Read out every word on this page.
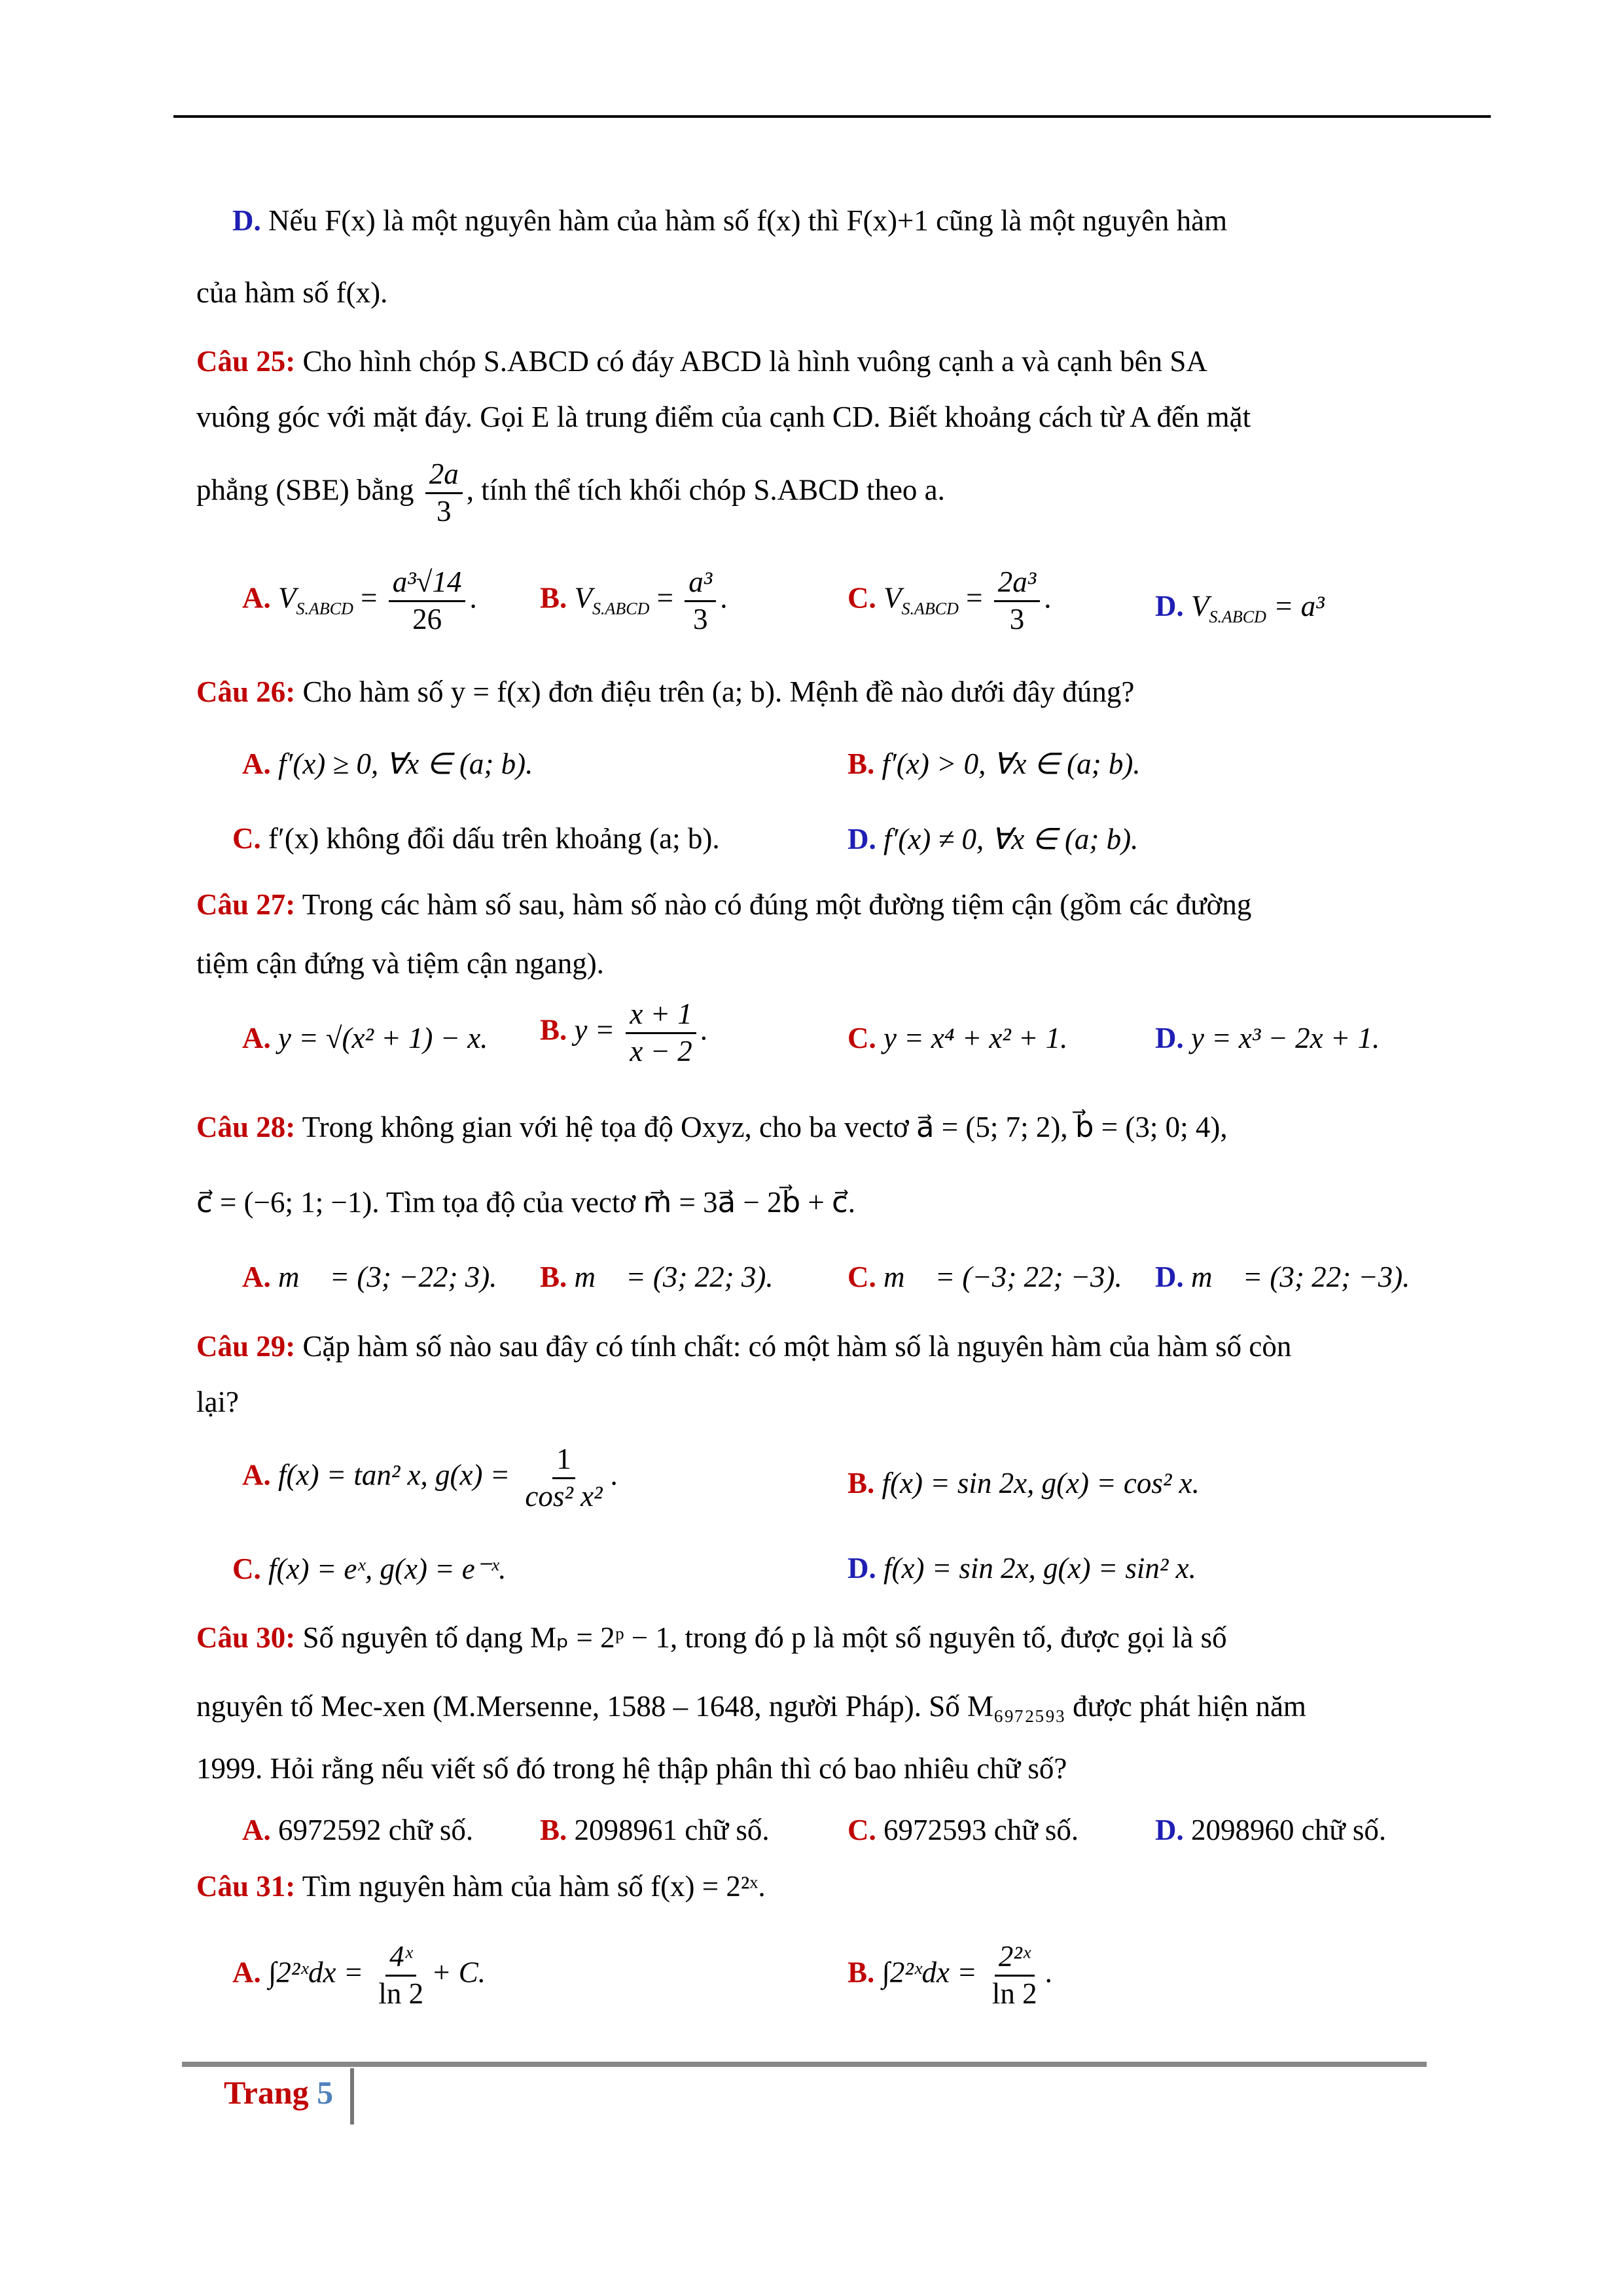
D. Nếu F(x) là một nguyên hàm của hàm số f(x) thì F(x)+1 cũng là một nguyên hàm
của hàm số f(x).
Câu 25: Cho hình chóp S.ABCD có đáy ABCD là hình vuông cạnh a và cạnh bên SA
vuông góc với mặt đáy. Gọi E là trung điểm của cạnh CD. Biết khoảng cách từ A đến mặt
phẳng (SBE) bằng $\frac{2a}{3}$ , tính thể tích khối chóp S.ABCD theo a.
A. $V_{S.ABCD} = \frac{\text{a³√14}}{26}$ . B. $V_{S.ABCD} = \frac{\text{a³}}{3}$ .	C. $V_{S.ABCD} = \frac{\text{2a³}}{3}$ .	D. $V_{S.ABCD} = a^3$
Câu 26: Cho hàm số y = f(x) đơn điệu trên (a; b). Mệnh đề nào dưới đây đúng?
A. f′(x) ≥ 0, ∀x ∈ (a; b).	B. f′(x) > 0, ∀x ∈ (a; b).
C. f′(x) không đổi dấu trên khoảng (a; b).	D. f′(x) ≠ 0, ∀x ∈ (a; b).
Câu 27: Trong các hàm số sau, hàm số nào có đúng một đường tiệm cận (gồm các đường
tiệm cận đứng và tiệm cận ngang).
A. y = √(x² + 1) − x. B. $y = \frac{x + 1}{x - 2}$ .	C. y = x⁴ + x² + 1.	D. y = x³ − 2x + 1.
Câu 28: Trong không gian với hệ tọa độ Oxyz, cho ba vectơ a⃗ = (5; 7; 2), b⃗ = (3; 0; 4),
c⃗ = (−6; 1; −1). Tìm tọa độ của vectơ m⃗ = 3a⃗ − 2b⃗ + c⃗.
A. m⃗ = (3; −22; 3). B. m⃗ = (3; 22; 3).	C. m⃗ = (−3; 22; −3). D. m⃗ = (3; 22; −3).
Câu 29: Cặp hàm số nào sau đây có tính chất: có một hàm số là nguyên hàm của hàm số còn
lại?
A. f(x) = tan² x, $g(x) = \frac{1}{\text{cos² x²}}$ .	B. f(x) = sin 2x, g(x) = cos² x.
C. f(x) = eˣ, g(x) = e⁻ˣ.	D. f(x) = sin 2x, g(x) = sin² x.
Câu 30: Số nguyên tố dạng Mₚ = 2ᵖ − 1, trong đó p là một số nguyên tố, được gọi là số
nguyên tố Mec-xen (M.Mersenne, 1588 – 1648, người Pháp). Số M₆₉₇₂₅₉₃ được phát hiện năm
1999. Hỏi rằng nếu viết số đó trong hệ thập phân thì có bao nhiêu chữ số?
A. 6972592 chữ số. B. 2098961 chữ số.	C. 6972593 chữ số.	D. 2098960 chữ số.
Câu 31: Tìm nguyên hàm của hàm số f(x) = 2²ˣ.
A. ∫2²ˣdx = $\frac{\text{4ˣ}}{\ln 2} + C$.	B. ∫2²ˣdx = $\frac{\text{2²ˣ}}{\ln 2}$ .
Trang 5
